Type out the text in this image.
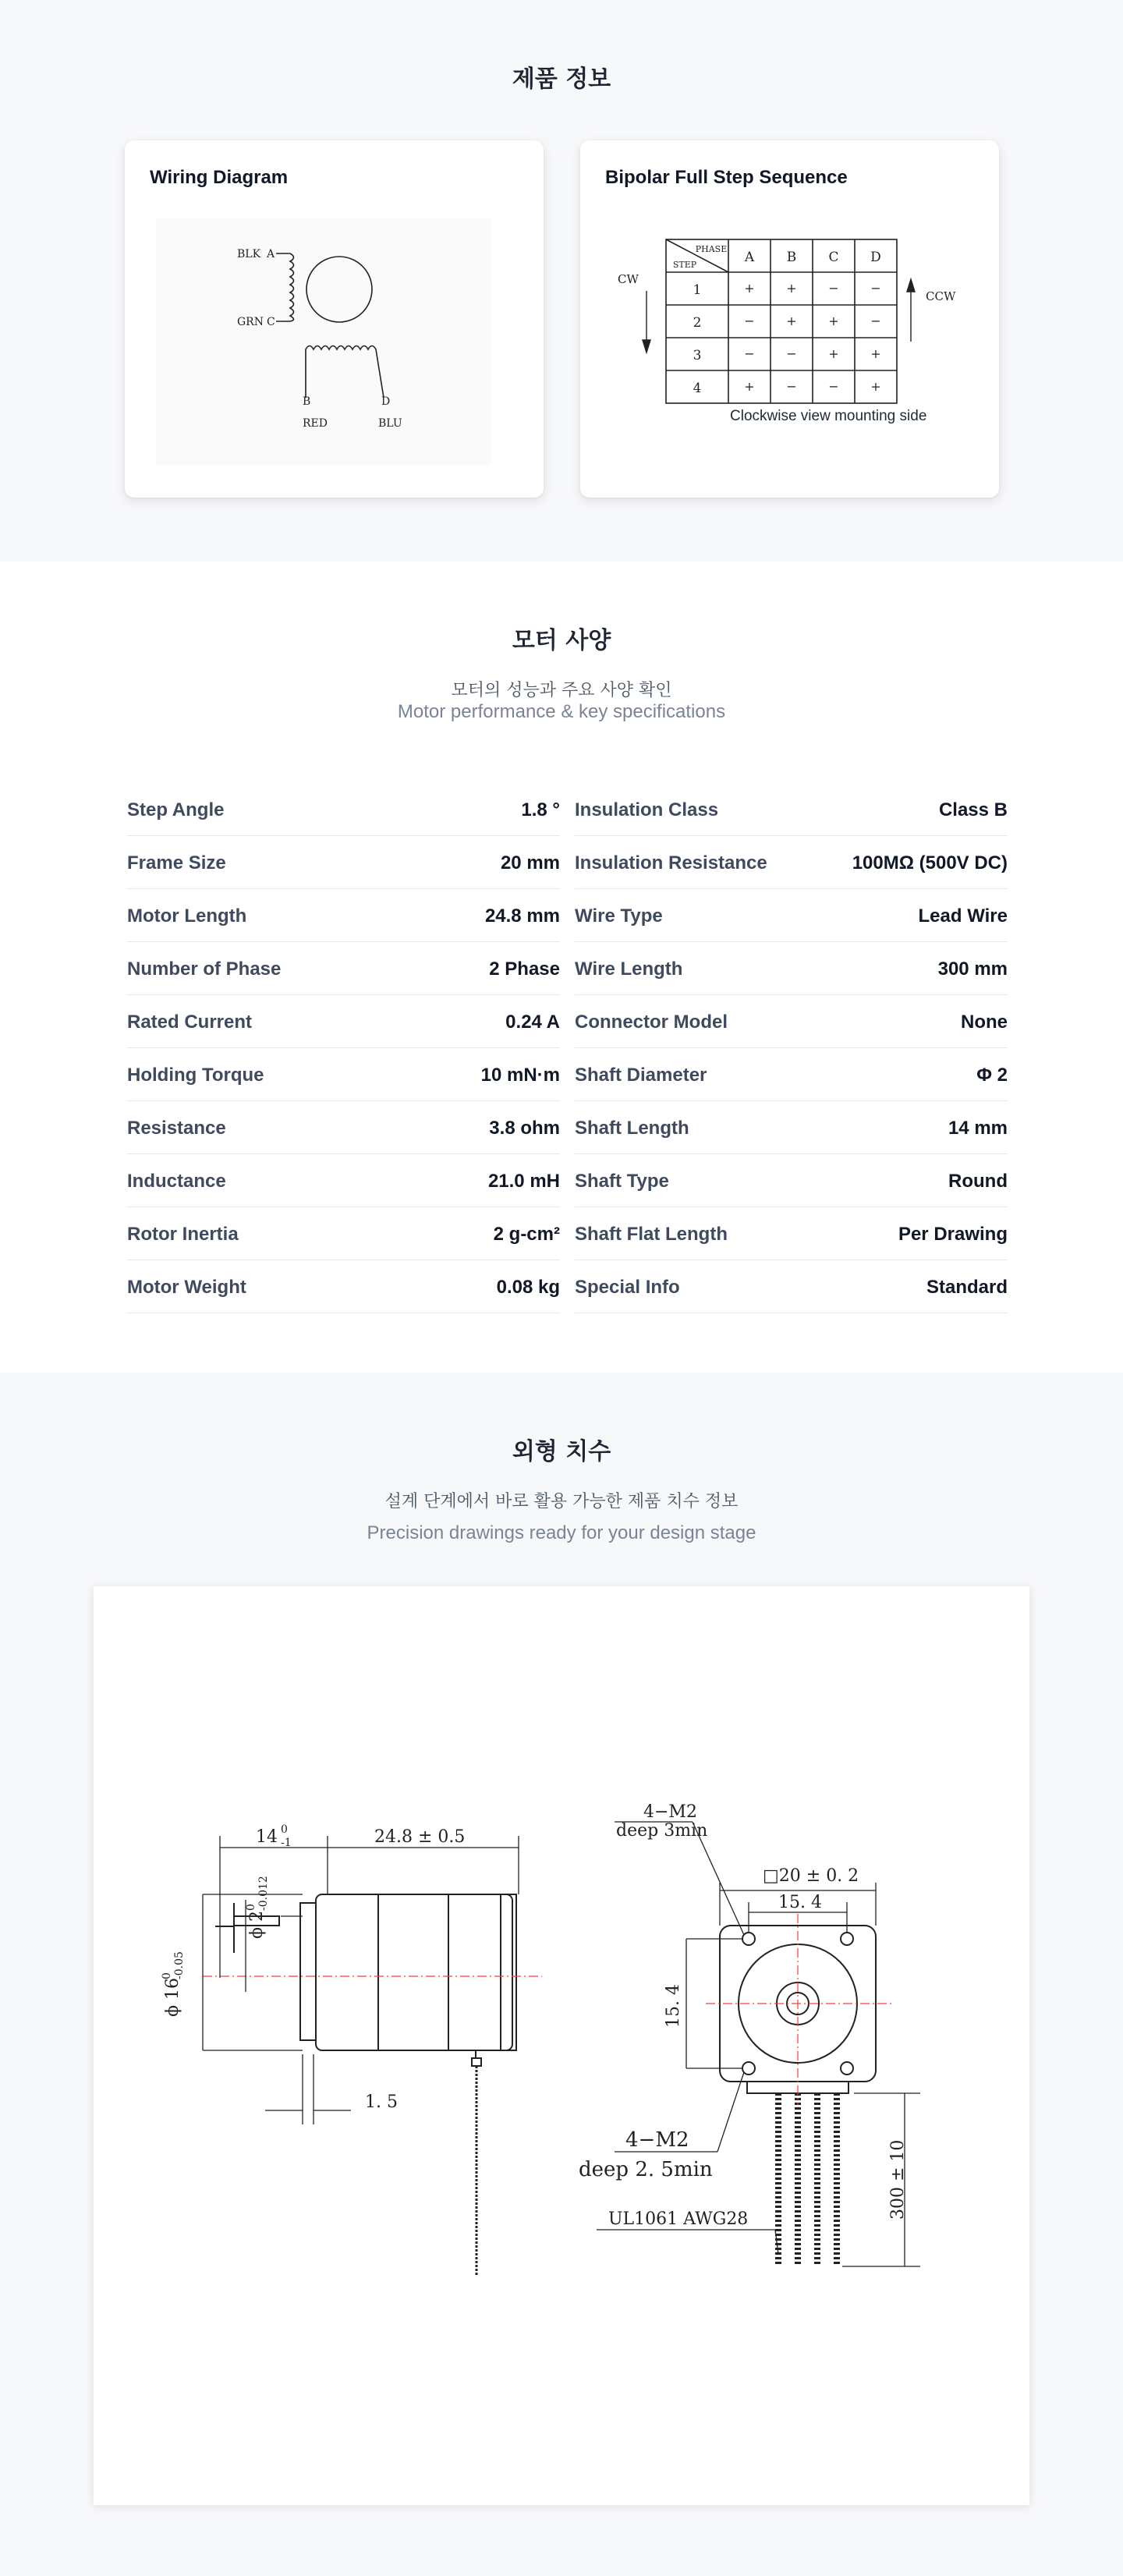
제품 정보
Wiring Diagram
BLK A
GRN C
B
RED
D
BLU
Bipolar Full Step Sequence
PHASE
STEP	A B C D
1	+	+	−	−
2	−	+	+	−
3	−	−	+	+
4	+	−	−	+
CW
CCW
Clockwise view mounting side
모터 사양
모터의 성능과 주요 사양 확인
Motor performance & key specifications
Step Angle	1.8 °
Frame Size	20 mm
Motor Length	24.8 mm
Number of Phase	2 Phase
Rated Current	0.24 A
Holding Torque	10 mN·m
Resistance	3.8 ohm
Inductance	21.0 mH
Rotor Inertia	2 g-cm²
Motor Weight	0.08 kg
Insulation Class	Class B
Insulation Resistance	100MΩ (500V DC)
Wire Type	Lead Wire
Wire Length	300 mm
Connector Model	None
Shaft Diameter	Φ 2
Shaft Length	14 mm
Shaft Type	Round
Shaft Flat Length	Per Drawing
Special Info	Standard
외형 치수
설계 단계에서 바로 활용 가능한 제품 치수 정보
Precision drawings ready for your design stage
14 0
-1	24.8 ± 0.5
ϕ 2
0 -0.012
ϕ 16
0 -0.05
1. 5
4−M2
deep 3min
□20 ± 0. 2
15. 4
15. 4
4−M2
deep 2. 5min
UL1061 AWG28	300 ± 10
